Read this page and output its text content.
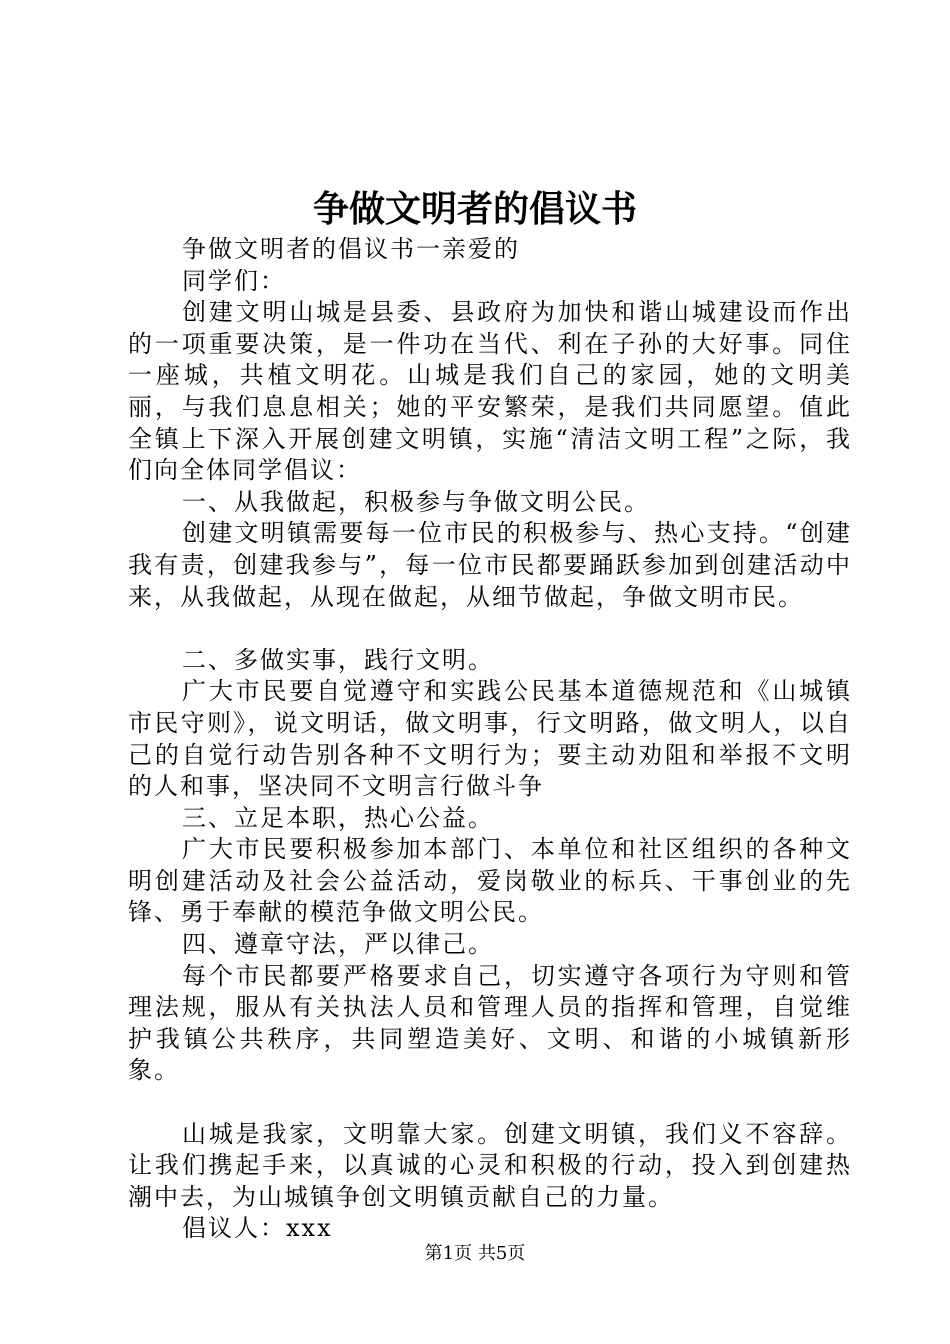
争做文明者的倡议书

争做文明者的倡议书一亲爱的

同学们：

创建文明山城是县委、县政府为加快和谐山城建设而作出的一项重要决策，是一件功在当代、利在子孙的大好事。同住一座城，共植文明花。山城是我们自己的家园，她的文明美丽，与我们息息相关；她的平安繁荣，是我们共同愿望。值此全镇上下深入开展创建文明镇，实施“清洁文明工程”之际，我们向全体同学倡议：

一、从我做起，积极参与争做文明公民。

创建文明镇需要每一位市民的积极参与、热心支持。“创建我有责，创建我参与”，每一位市民都要踊跃参加到创建活动中来，从我做起，从现在做起，从细节做起，争做文明市民。

二、多做实事，践行文明。

广大市民要自觉遵守和实践公民基本道德规范和《山城镇市民守则》，说文明话，做文明事，行文明路，做文明人，以自己的自觉行动告别各种不文明行为；要主动劝阻和举报不文明的人和事，坚决同不文明言行做斗争

三、立足本职，热心公益。

广大市民要积极参加本部门、本单位和社区组织的各种文明创建活动及社会公益活动，爱岗敬业的标兵、干事创业的先锋、勇于奉献的模范争做文明公民。

四、遵章守法，严以律己。

每个市民都要严格要求自己，切实遵守各项行为守则和管理法规，服从有关执法人员和管理人员的指挥和管理，自觉维护我镇公共秩序，共同塑造美好、文明、和谐的小城镇新形象。

山城是我家，文明靠大家。创建文明镇，我们义不容辞。让我们携起手来，以真诚的心灵和积极的行动，投入到创建热潮中去，为山城镇争创文明镇贡献自己的力量。

倡议人：xxx

第1页 共5页
